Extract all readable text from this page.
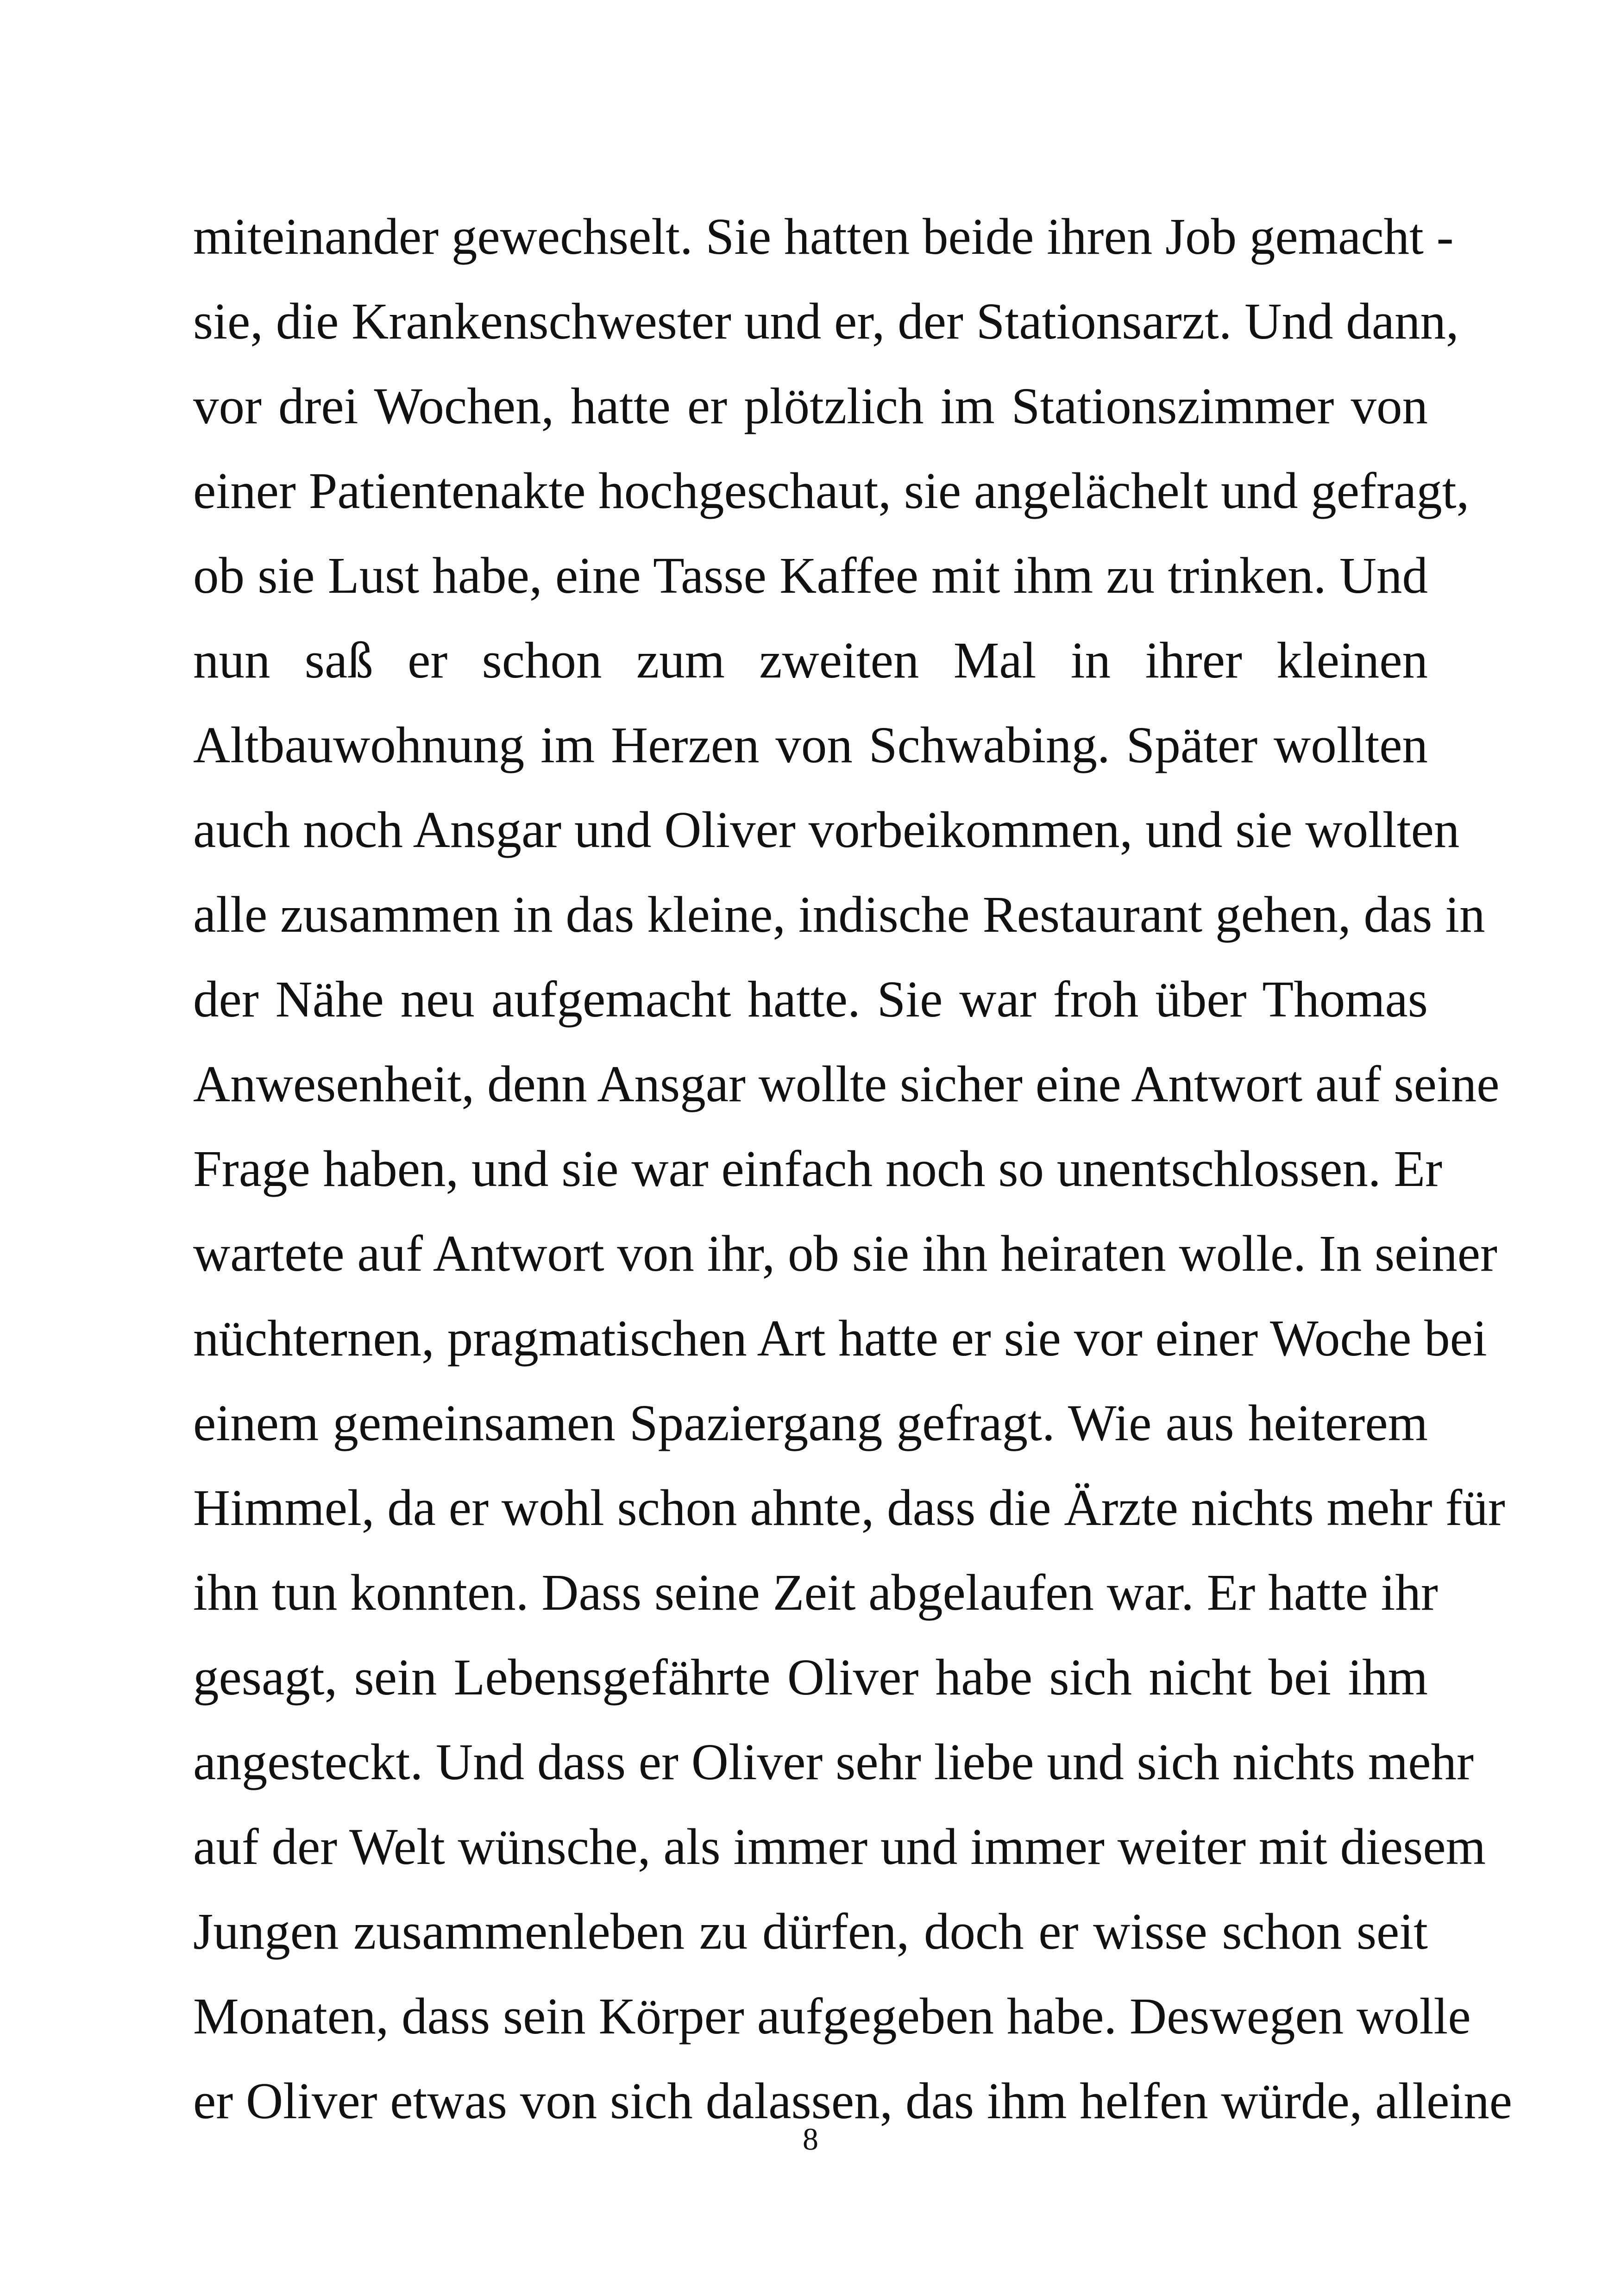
miteinander gewechselt. Sie hatten beide ihren Job gemacht -
sie, die Krankenschwester und er, der Stationsarzt. Und dann,
vor drei Wochen, hatte er plötzlich im Stationszimmer von
einer Patientenakte hochgeschaut, sie angelächelt und gefragt,
ob sie Lust habe, eine Tasse Kaffee mit ihm zu trinken. Und
nun saß er schon zum zweiten Mal in ihrer kleinen
Altbauwohnung im Herzen von Schwabing. Später wollten
auch noch Ansgar und Oliver vorbeikommen, und sie wollten
alle zusammen in das kleine, indische Restaurant gehen, das in
der Nähe neu aufgemacht hatte. Sie war froh über Thomas
Anwesenheit, denn Ansgar wollte sicher eine Antwort auf seine
Frage haben, und sie war einfach noch so unentschlossen. Er
wartete auf Antwort von ihr, ob sie ihn heiraten wolle. In seiner
nüchternen, pragmatischen Art hatte er sie vor einer Woche bei
einem gemeinsamen Spaziergang gefragt. Wie aus heiterem
Himmel, da er wohl schon ahnte, dass die Ärzte nichts mehr für
ihn tun konnten. Dass seine Zeit abgelaufen war. Er hatte ihr
gesagt, sein Lebensgefährte Oliver habe sich nicht bei ihm
angesteckt. Und dass er Oliver sehr liebe und sich nichts mehr
auf der Welt wünsche, als immer und immer weiter mit diesem
Jungen zusammenleben zu dürfen, doch er wisse schon seit
Monaten, dass sein Körper aufgegeben habe. Deswegen wolle
er Oliver etwas von sich dalassen, das ihm helfen würde, alleine
8
